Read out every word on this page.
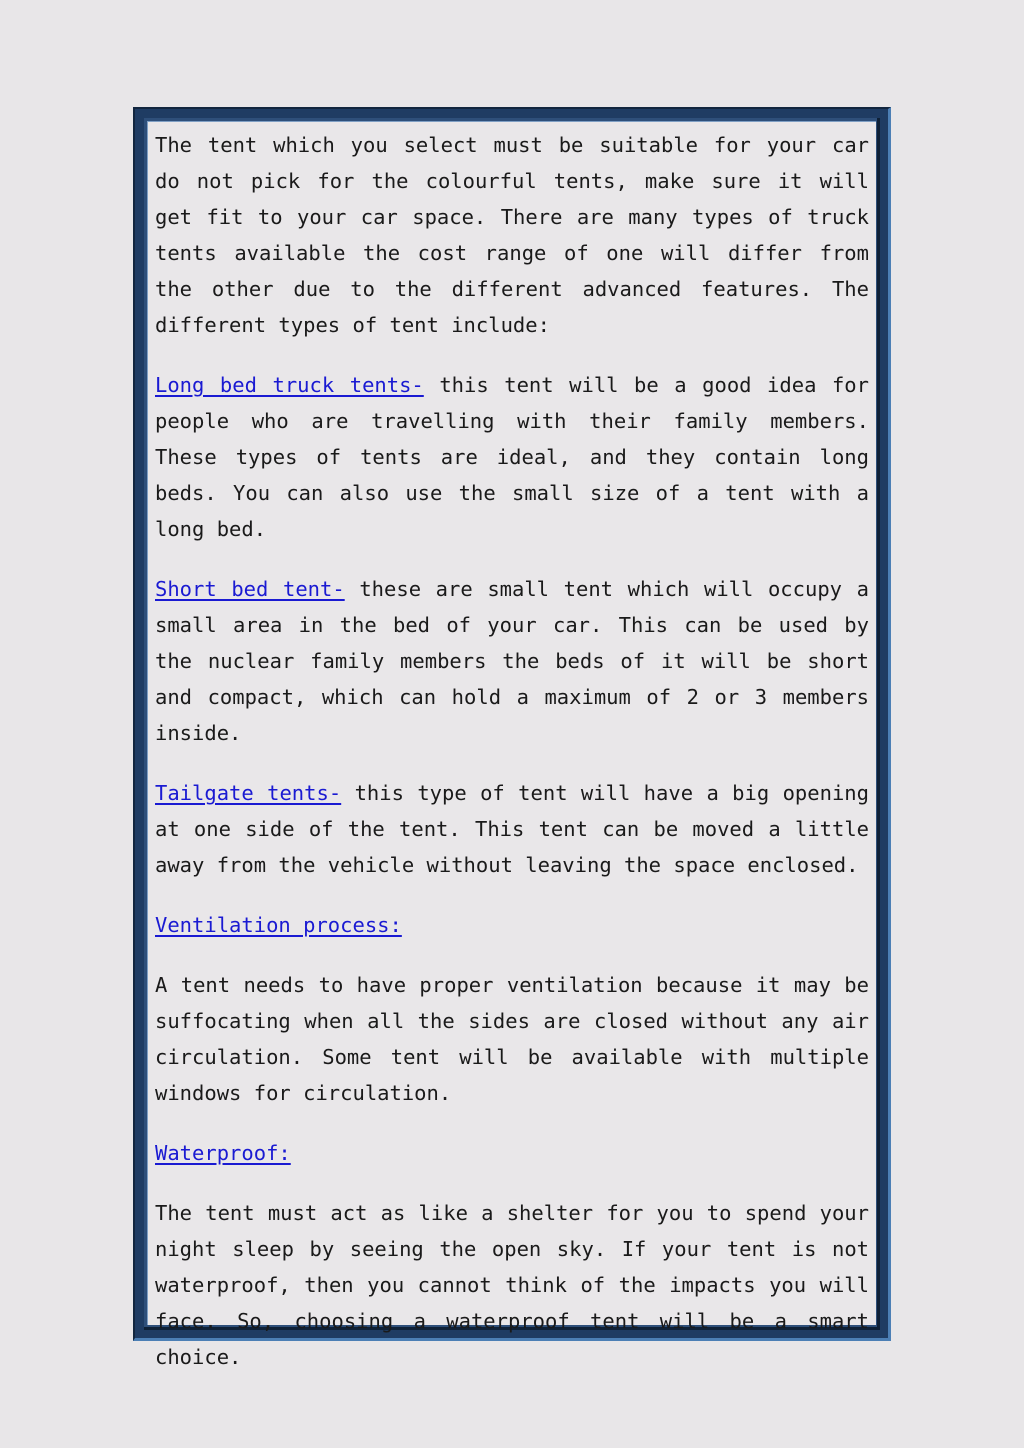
The tent which you select must be suitable for your car do not pick for the colourful tents, make sure it will get fit to your car space. There are many types of truck tents available the cost range of one will differ from the other due to the different advanced features. The different types of tent include:

Long bed truck tents- this tent will be a good idea for people who are travelling with their family members. These types of tents are ideal, and they contain long beds. You can also use the small size of a tent with a long bed.

Short bed tent- these are small tent which will occupy a small area in the bed of your car. This can be used by the nuclear family members the beds of it will be short and compact, which can hold a maximum of 2 or 3 members inside.

Tailgate tents- this type of tent will have a big opening at one side of the tent. This tent can be moved a little away from the vehicle without leaving the space enclosed.

Ventilation process:

A tent needs to have proper ventilation because it may be suffocating when all the sides are closed without any air circulation. Some tent will be available with multiple windows for circulation.

Waterproof:

The tent must act as like a shelter for you to spend your night sleep by seeing the open sky. If your tent is not waterproof, then you cannot think of the impacts you will face. So, choosing a waterproof tent will be a smart choice.
